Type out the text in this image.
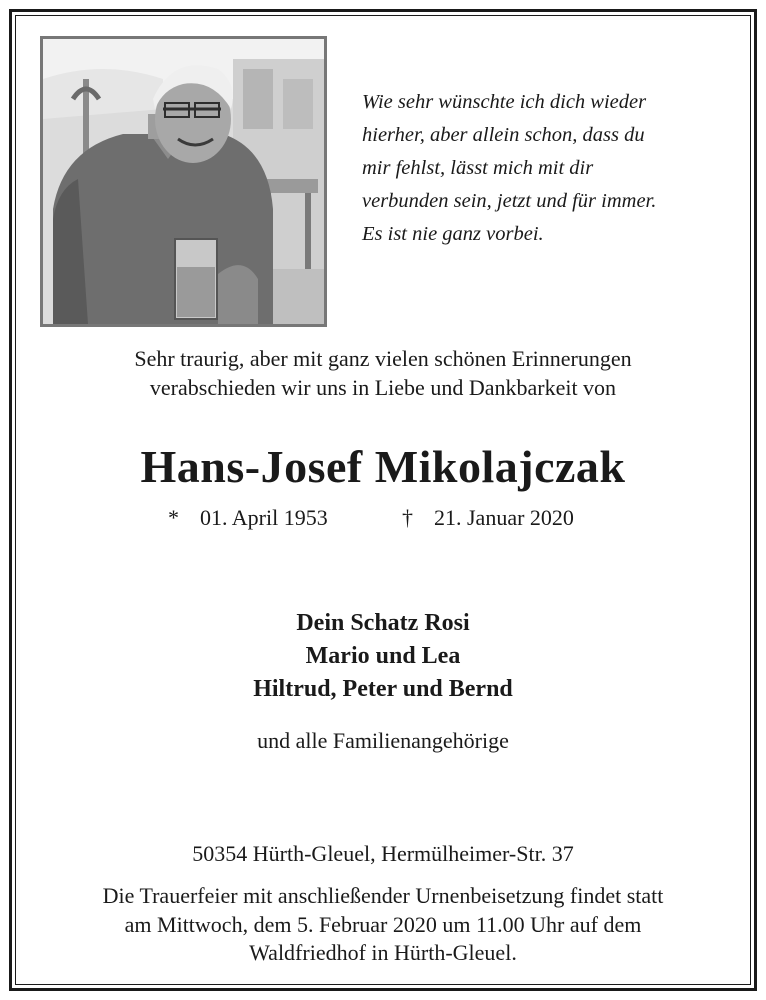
Wie sehr wünschte ich dich wieder
hierher, aber allein schon, dass du
mir fehlst, lässt mich mit dir
verbunden sein, jetzt und für immer.
Es ist nie ganz vorbei.
Sehr traurig, aber mit ganz vielen schönen Erinnerungen
verabschieden wir uns in Liebe und Dankbarkeit von
Hans-Josef Mikolajczak
* 01. April 1953	† 21. Januar 2020
Dein Schatz Rosi
Mario und Lea
Hiltrud, Peter und Bernd
und alle Familienangehörige
50354 Hürth-Gleuel, Hermülheimer-Str. 37
Die Trauerfeier mit anschließender Urnenbeisetzung findet statt
am Mittwoch, dem 5. Februar 2020 um 11.00 Uhr auf dem
Waldfriedhof in Hürth-Gleuel.
